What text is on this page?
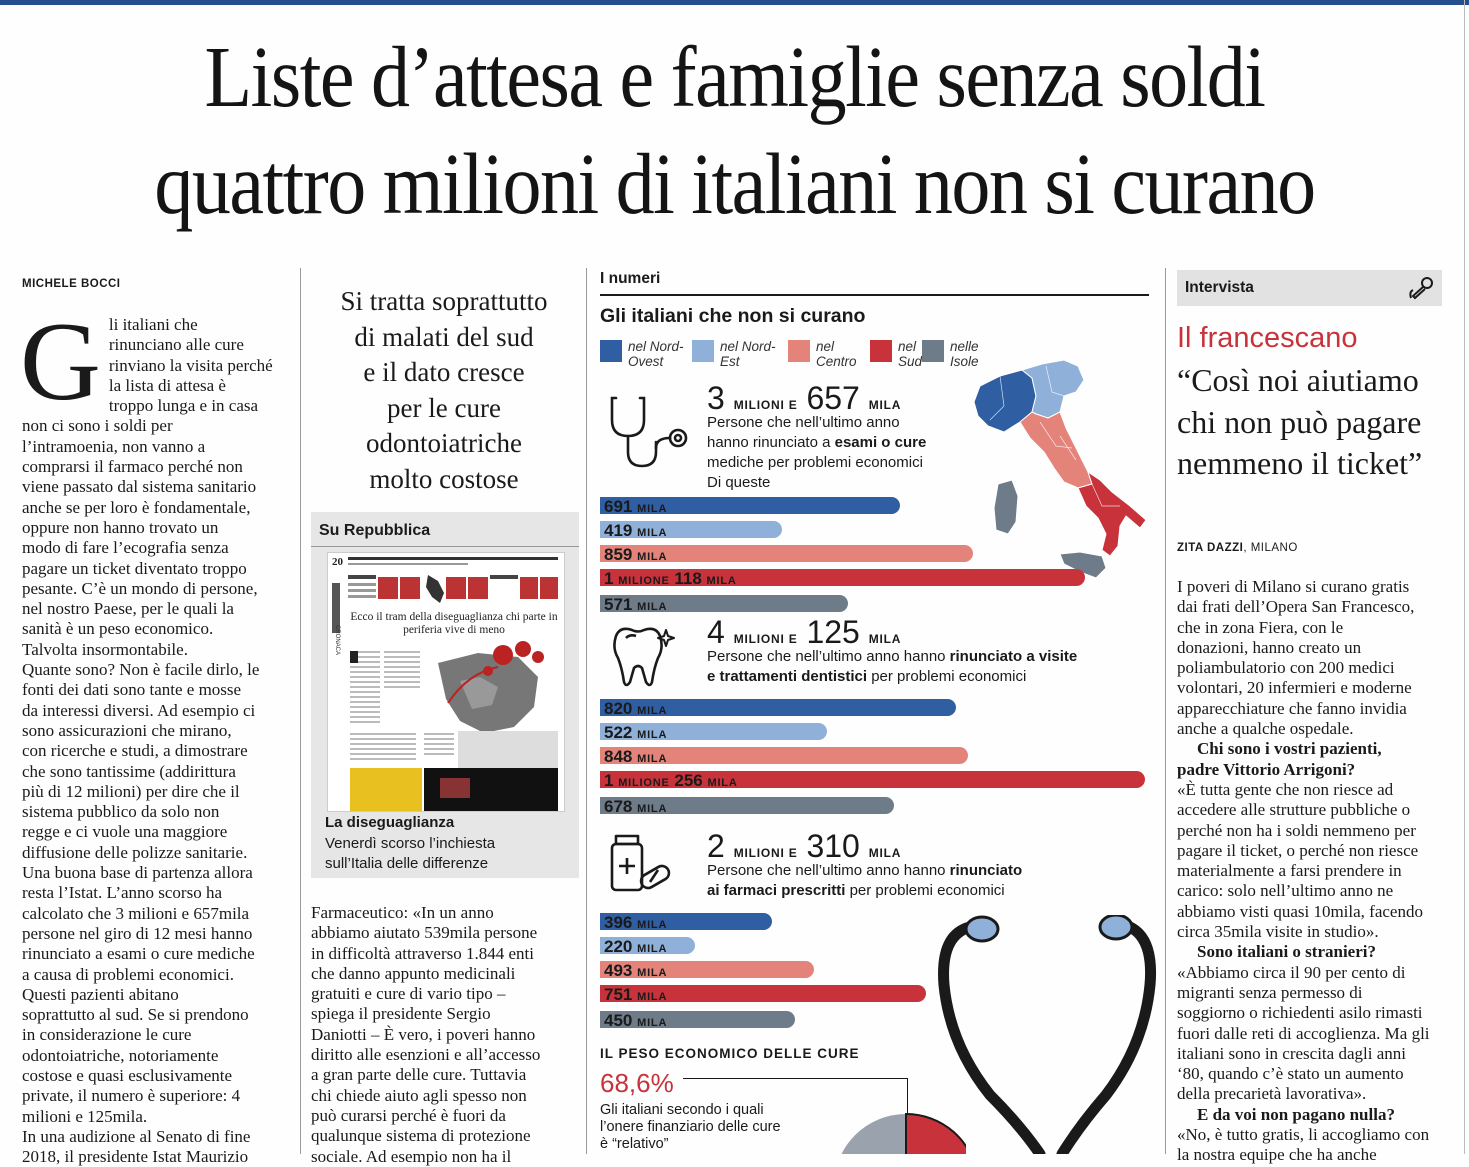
Liste d’attesa e famiglie senza soldi
quattro milioni di italiani non si curano
MICHELE BOCCI
G li italiani che
rinunciano alle cure
rinviano la visita perché
la lista di attesa è
troppo lunga e in casa
non ci sono i soldi per
l’intramoenia, non vanno a
comprarsi il farmaco perché non
viene passato dal sistema sanitario
anche se per loro è fondamentale,
oppure non hanno trovato un
modo di fare l’ecografia senza
pagare un ticket diventato troppo
pesante. C’è un mondo di persone,
nel nostro Paese, per le quali la
sanità è un peso economico.
Talvolta insormontabile.
Quante sono? Non è facile dirlo, le
fonti dei dati sono tante e mosse
da interessi diversi. Ad esempio ci
sono assicurazioni che mirano,
con ricerche e studi, a dimostrare
che sono tantissime (addirittura
più di 12 milioni) per dire che il
sistema pubblico da solo non
regge e ci vuole una maggiore
diffusione delle polizze sanitarie.
Una buona base di partenza allora
resta l’Istat. L’anno scorso ha
calcolato che 3 milioni e 657mila
persone nel giro di 12 mesi hanno
rinunciato a esami o cure mediche
a causa di problemi economici.
Questi pazienti abitano
soprattutto al sud. Se si prendono
in considerazione le cure
odontoiatriche, notoriamente
costose e quasi esclusivamente
private, il numero è superiore: 4
milioni e 125mila.
In una audizione al Senato di fine
2018, il presidente Istat Maurizio
Si tratta soprattutto
di malati del sud
e il dato cresce
per le cure
odontoiatriche
molto costose
Su Repubblica
20
CRONACA
Ecco il tram della diseguaglianza chi parte in periferia vive di meno
La diseguaglianza
Venerdì scorso l’inchiesta
sull’Italia delle differenze
Farmaceutico: «In un anno
abbiamo aiutato 539mila persone
in difficoltà attraverso 1.844 enti
che danno appunto medicinali
gratuiti e cure di vario tipo –
spiega il presidente Sergio
Daniotti – È vero, i poveri hanno
diritto alle esenzioni e all’accesso
a gran parte delle cure. Tuttavia
chi chiede aiuto agli spesso non
può curarsi perché è fuori da
qualunque sistema di protezione
sociale. Ad esempio non ha il
I numeri
Gli italiani che non si curano
nel Nord-
Ovest
nel Nord-
Est
nel
Centro
nel
Sud
nelle
Isole
3 MILIONI E 657 MILA
Persone che nell’ultimo anno
hanno rinunciato a esami o cure
mediche per problemi economici
Di queste
691 MILA
419 MILA
859 MILA
1 MILIONE 118 MILA
571 MILA
4 MILIONI E 125 MILA
Persone che nell’ultimo anno hanno rinunciato a visite
e trattamenti dentistici per problemi economici
820 MILA
522 MILA
848 MILA
1 MILIONE 256 MILA
678 MILA
2 MILIONI E 310 MILA
Persone che nell’ultimo anno hanno rinunciato
ai farmaci prescritti per problemi economici
396 MILA
220 MILA
493 MILA
751 MILA
450 MILA
IL PESO ECONOMICO DELLE CURE
68,6%
Gli italiani secondo i quali
l’onere finanziario delle cure
è “relativo”
Intervista
Il francescano
“Così noi aiutiamo
chi non può pagare
nemmeno il ticket”
ZITA DAZZI, MILANO
I poveri di Milano si curano gratis
dai frati dell’Opera San Francesco,
che in zona Fiera, con le
donazioni, hanno creato un
poliambulatorio con 200 medici
volontari, 20 infermieri e moderne
apparecchiature che fanno invidia
anche a qualche ospedale.
Chi sono i vostri pazienti,
padre Vittorio Arrigoni?
«È tutta gente che non riesce ad
accedere alle strutture pubbliche o
perché non ha i soldi nemmeno per
pagare il ticket, o perché non riesce
materialmente a farsi prendere in
carico: solo nell’ultimo anno ne
abbiamo visti quasi 10mila, facendo
circa 35mila visite in studio».
Sono italiani o stranieri?
«Abbiamo circa il 90 per cento di
migranti senza permesso di
soggiorno o richiedenti asilo rimasti
fuori dalle reti di accoglienza. Ma gli
italiani sono in crescita dagli anni
‘80, quando c’è stato un aumento
della precarietà lavorativa».
E da voi non pagano nulla?
«No, è tutto gratis, li accogliamo con
la nostra equipe che ha anche
